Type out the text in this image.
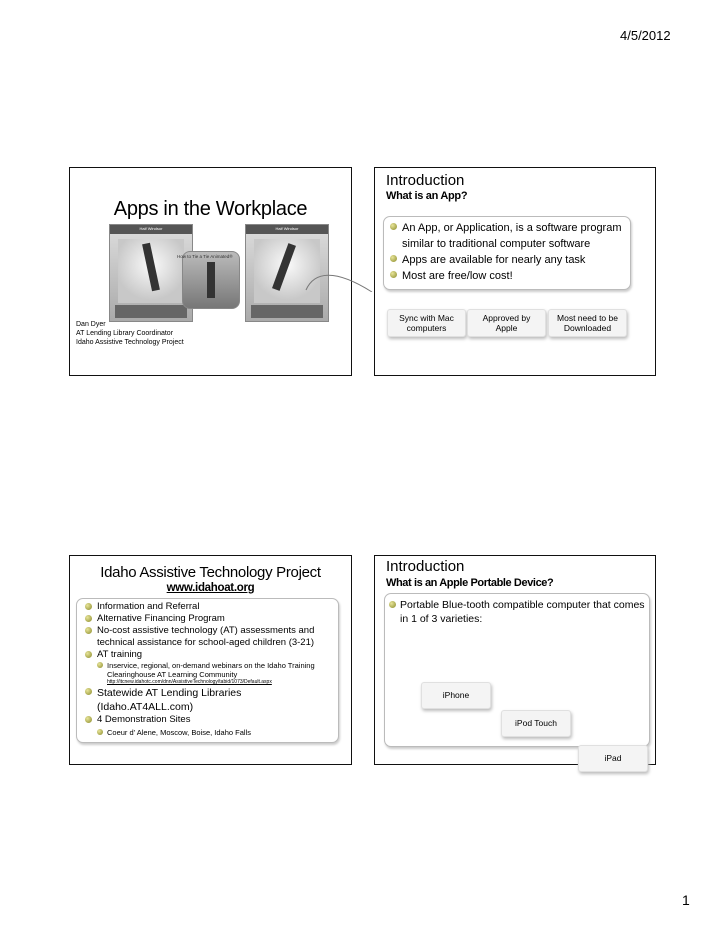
4/5/2012
Apps in the Workplace
Half Windsor
How to Tie a Tie Animated®
Half Windsor
Dan Dyer
AT Lending Library Coordinator
Idaho Assistive Technology Project
Introduction
What is an App?
An App, or Application, is a software program
similar to traditional computer software
Apps are available for nearly any task
Most are free/low cost!
Sync with Mac
computers
Approved by
Apple
Most need to be
Downloaded
Idaho Assistive Technology Project
www.idahoat.org
Information and Referral
Alternative Financing Program
No-cost assistive technology (AT) assessments and technical assistance for school-aged children (3-21)
AT training
Inservice, regional, on-demand webinars on the Idaho Training Clearinghouse AT Learning Community
http://itcnew.idahotc.com/dnn/AssistiveTechnology/tabid/1073/Default.aspx
Statewide AT Lending Libraries (Idaho.AT4ALL.com)
4 Demonstration Sites
Coeur d’ Alene, Moscow, Boise, Idaho Falls
Introduction
What is an Apple Portable Device?
Portable Blue-tooth compatible computer that comes in 1 of 3 varieties:
iPhone
iPod Touch
iPad
1
